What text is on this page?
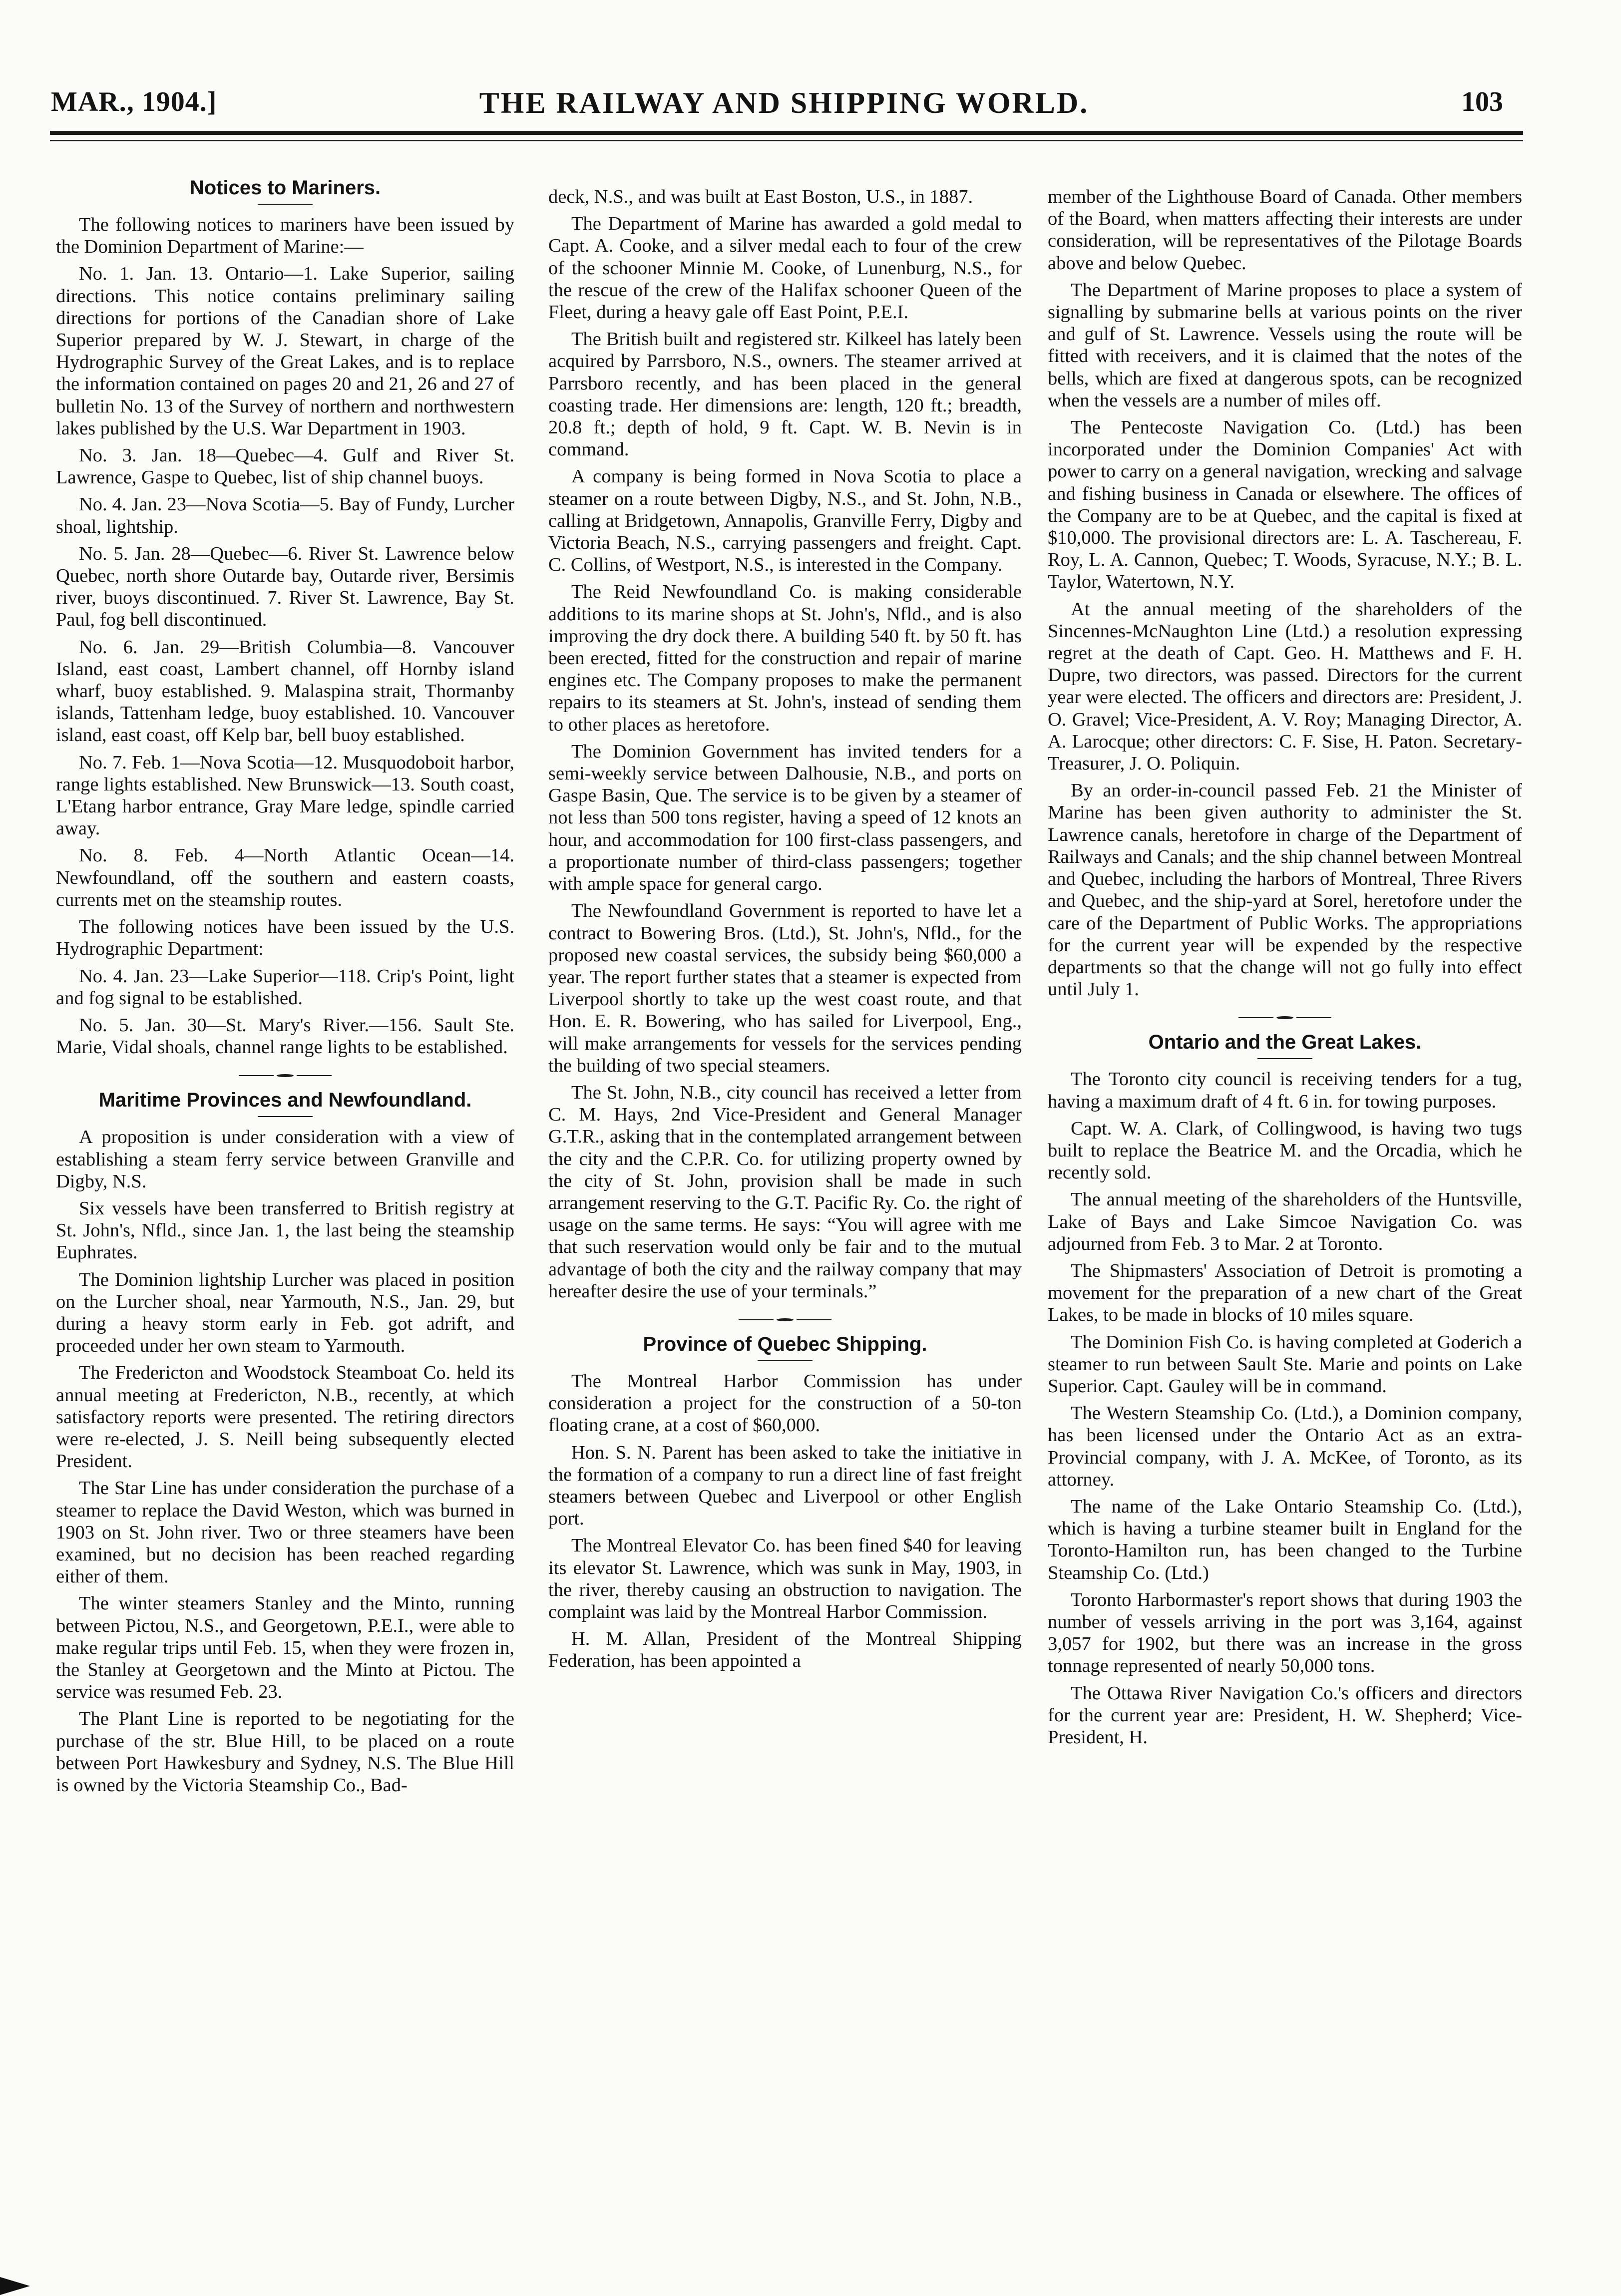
MAR., 1904.]	THE RAILWAY AND SHIPPING WORLD.	103
Notices to Mariners.

The following notices to mariners have been issued by the Dominion Department of Marine:—

No. 1. Jan. 13. Ontario—1. Lake Superior, sailing directions. This notice contains preliminary sailing directions for portions of the Canadian shore of Lake Superior prepared by W. J. Stewart, in charge of the Hydrographic Survey of the Great Lakes, and is to replace the information contained on pages 20 and 21, 26 and 27 of bulletin No. 13 of the Survey of northern and northwestern lakes published by the U.S. War Department in 1903.

No. 3. Jan. 18—Quebec—4. Gulf and River St. Lawrence, Gaspe to Quebec, list of ship channel buoys.

No. 4. Jan. 23—Nova Scotia—5. Bay of Fundy, Lurcher shoal, lightship.

No. 5. Jan. 28—Quebec—6. River St. Lawrence below Quebec, north shore Outarde bay, Outarde river, Bersimis river, buoys discontinued. 7. River St. Lawrence, Bay St. Paul, fog bell discontinued.

No. 6. Jan. 29—British Columbia—8. Vancouver Island, east coast, Lambert channel, off Hornby island wharf, buoy established. 9. Malaspina strait, Thormanby islands, Tattenham ledge, buoy established. 10. Vancouver island, east coast, off Kelp bar, bell buoy established.

No. 7. Feb. 1—Nova Scotia—12. Musquodoboit harbor, range lights established. New Brunswick—13. South coast, L'Etang harbor entrance, Gray Mare ledge, spindle carried away.

No. 8. Feb. 4—North Atlantic Ocean—14. Newfoundland, off the southern and eastern coasts, currents met on the steamship routes.

The following notices have been issued by the U.S. Hydrographic Department:

No. 4. Jan. 23—Lake Superior—118. Crip's Point, light and fog signal to be established.

No. 5. Jan. 30—St. Mary's River.—156. Sault Ste. Marie, Vidal shoals, channel range lights to be established.

Maritime Provinces and Newfoundland.

A proposition is under consideration with a view of establishing a steam ferry service between Granville and Digby, N.S.

Six vessels have been transferred to British registry at St. John's, Nfld., since Jan. 1, the last being the steamship Euphrates.

The Dominion lightship Lurcher was placed in position on the Lurcher shoal, near Yarmouth, N.S., Jan. 29, but during a heavy storm early in Feb. got adrift, and proceeded under her own steam to Yarmouth.

The Fredericton and Woodstock Steamboat Co. held its annual meeting at Fredericton, N.B., recently, at which satisfactory reports were presented. The retiring directors were re-elected, J. S. Neill being subsequently elected President.

The Star Line has under consideration the purchase of a steamer to replace the David Weston, which was burned in 1903 on St. John river. Two or three steamers have been examined, but no decision has been reached regarding either of them.

The winter steamers Stanley and the Minto, running between Pictou, N.S., and Georgetown, P.E.I., were able to make regular trips until Feb. 15, when they were frozen in, the Stanley at Georgetown and the Minto at Pictou. The service was resumed Feb. 23.

The Plant Line is reported to be negotiating for the purchase of the str. Blue Hill, to be placed on a route between Port Hawkesbury and Sydney, N.S. The Blue Hill is owned by the Victoria Steamship Co., Bad-

deck, N.S., and was built at East Boston, U.S., in 1887.

The Department of Marine has awarded a gold medal to Capt. A. Cooke, and a silver medal each to four of the crew of the schooner Minnie M. Cooke, of Lunenburg, N.S., for the rescue of the crew of the Halifax schooner Queen of the Fleet, during a heavy gale off East Point, P.E.I.

The British built and registered str. Kilkeel has lately been acquired by Parrsboro, N.S., owners. The steamer arrived at Parrsboro recently, and has been placed in the general coasting trade. Her dimensions are: length, 120 ft.; breadth, 20.8 ft.; depth of hold, 9 ft. Capt. W. B. Nevin is in command.

A company is being formed in Nova Scotia to place a steamer on a route between Digby, N.S., and St. John, N.B., calling at Bridgetown, Annapolis, Granville Ferry, Digby and Victoria Beach, N.S., carrying passengers and freight. Capt. C. Collins, of Westport, N.S., is interested in the Company.

The Reid Newfoundland Co. is making considerable additions to its marine shops at St. John's, Nfld., and is also improving the dry dock there. A building 540 ft. by 50 ft. has been erected, fitted for the construction and repair of marine engines etc. The Company proposes to make the permanent repairs to its steamers at St. John's, instead of sending them to other places as heretofore.

The Dominion Government has invited tenders for a semi-weekly service between Dalhousie, N.B., and ports on Gaspe Basin, Que. The service is to be given by a steamer of not less than 500 tons register, having a speed of 12 knots an hour, and accommodation for 100 first-class passengers, and a proportionate number of third-class passengers; together with ample space for general cargo.

The Newfoundland Government is reported to have let a contract to Bowering Bros. (Ltd.), St. John's, Nfld., for the proposed new coastal services, the subsidy being $60,000 a year. The report further states that a steamer is expected from Liverpool shortly to take up the west coast route, and that Hon. E. R. Bowering, who has sailed for Liverpool, Eng., will make arrangements for vessels for the services pending the building of two special steamers.

The St. John, N.B., city council has received a letter from C. M. Hays, 2nd Vice-President and General Manager G.T.R., asking that in the contemplated arrangement between the city and the C.P.R. Co. for utilizing property owned by the city of St. John, provision shall be made in such arrangement reserving to the G.T. Pacific Ry. Co. the right of usage on the same terms. He says: “You will agree with me that such reservation would only be fair and to the mutual advantage of both the city and the railway company that may hereafter desire the use of your terminals.”

Province of Quebec Shipping.

The Montreal Harbor Commission has under consideration a project for the construction of a 50-ton floating crane, at a cost of $60,000.

Hon. S. N. Parent has been asked to take the initiative in the formation of a company to run a direct line of fast freight steamers between Quebec and Liverpool or other English port.

The Montreal Elevator Co. has been fined $40 for leaving its elevator St. Lawrence, which was sunk in May, 1903, in the river, thereby causing an obstruction to navigation. The complaint was laid by the Montreal Harbor Commission.

H. M. Allan, President of the Montreal Shipping Federation, has been appointed a

member of the Lighthouse Board of Canada. Other members of the Board, when matters affecting their interests are under consideration, will be representatives of the Pilotage Boards above and below Quebec.

The Department of Marine proposes to place a system of signalling by submarine bells at various points on the river and gulf of St. Lawrence. Vessels using the route will be fitted with receivers, and it is claimed that the notes of the bells, which are fixed at dangerous spots, can be recognized when the vessels are a number of miles off.

The Pentecoste Navigation Co. (Ltd.) has been incorporated under the Dominion Companies' Act with power to carry on a general navigation, wrecking and salvage and fishing business in Canada or elsewhere. The offices of the Company are to be at Quebec, and the capital is fixed at $10,000. The provisional directors are: L. A. Taschereau, F. Roy, L. A. Cannon, Quebec; T. Woods, Syracuse, N.Y.; B. L. Taylor, Watertown, N.Y.

At the annual meeting of the shareholders of the Sincennes-McNaughton Line (Ltd.) a resolution expressing regret at the death of Capt. Geo. H. Matthews and F. H. Dupre, two directors, was passed. Directors for the current year were elected. The officers and directors are: President, J. O. Gravel; Vice-President, A. V. Roy; Managing Director, A. A. Larocque; other directors: C. F. Sise, H. Paton. Secretary-Treasurer, J. O. Poliquin.

By an order-in-council passed Feb. 21 the Minister of Marine has been given authority to administer the St. Lawrence canals, heretofore in charge of the Department of Railways and Canals; and the ship channel between Montreal and Quebec, including the harbors of Montreal, Three Rivers and Quebec, and the ship-yard at Sorel, heretofore under the care of the Department of Public Works. The appropriations for the current year will be expended by the respective departments so that the change will not go fully into effect until July 1.

Ontario and the Great Lakes.

The Toronto city council is receiving tenders for a tug, having a maximum draft of 4 ft. 6 in. for towing purposes.

Capt. W. A. Clark, of Collingwood, is having two tugs built to replace the Beatrice M. and the Orcadia, which he recently sold.

The annual meeting of the shareholders of the Huntsville, Lake of Bays and Lake Simcoe Navigation Co. was adjourned from Feb. 3 to Mar. 2 at Toronto.

The Shipmasters' Association of Detroit is promoting a movement for the preparation of a new chart of the Great Lakes, to be made in blocks of 10 miles square.

The Dominion Fish Co. is having completed at Goderich a steamer to run between Sault Ste. Marie and points on Lake Superior. Capt. Gauley will be in command.

The Western Steamship Co. (Ltd.), a Dominion company, has been licensed under the Ontario Act as an extra-Provincial company, with J. A. McKee, of Toronto, as its attorney.

The name of the Lake Ontario Steamship Co. (Ltd.), which is having a turbine steamer built in England for the Toronto-Hamilton run, has been changed to the Turbine Steamship Co. (Ltd.)

Toronto Harbormaster's report shows that during 1903 the number of vessels arriving in the port was 3,164, against 3,057 for 1902, but there was an increase in the gross tonnage represented of nearly 50,000 tons.

The Ottawa River Navigation Co.'s officers and directors for the current year are: President, H. W. Shepherd; Vice-President, H.
